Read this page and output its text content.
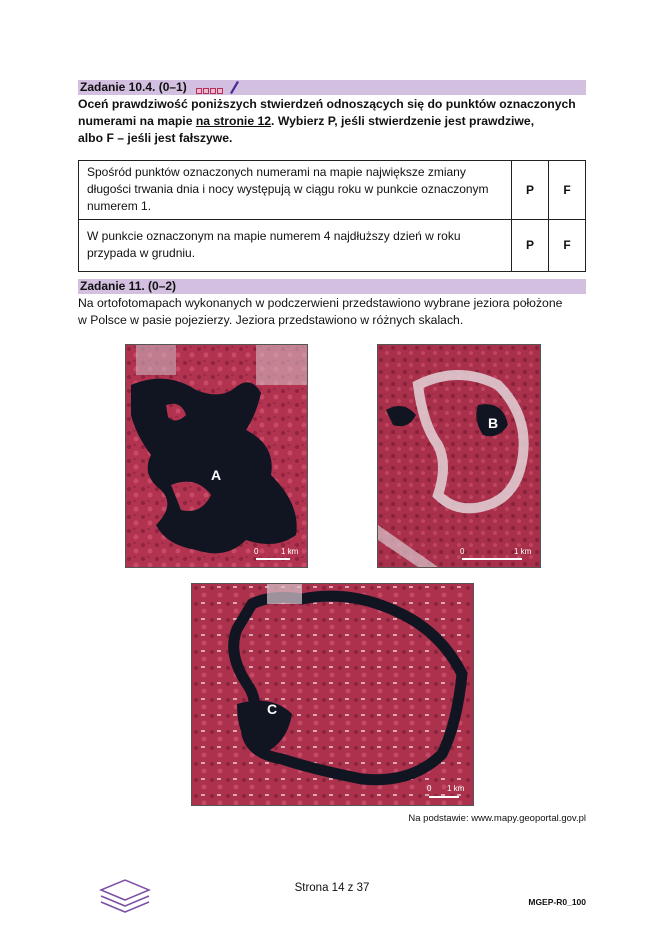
Zadanie 10.4. (0–1)
Oceń prawdziwość poniższych stwierdzeń odnoszących się do punktów oznaczonych
numerami na mapie na stronie 12. Wybierz P, jeśli stwierdzenie jest prawdziwe,
albo F – jeśli jest fałszywe.
Spośród punktów oznaczonych numerami na mapie największe zmiany długości trwania dnia i nocy występują w ciągu roku w punkcie oznaczonym numerem 1.	P	F
W punkcie oznaczonym na mapie numerem 4 najdłuższy dzień w roku przypada w grudniu.	P	F
Zadanie 11. (0–2)
Na ortofotomapach wykonanych w podczerwieni przedstawiono wybrane jeziora położone
w Polsce w pasie pojezierzy. Jeziora przedstawiono w różnych skalach.
A
0	1 km
B
0	1 km
C
0 1 km
Na podstawie: www.mapy.geoportal.gov.pl
Strona 14 z 37
MGEP-R0_100
